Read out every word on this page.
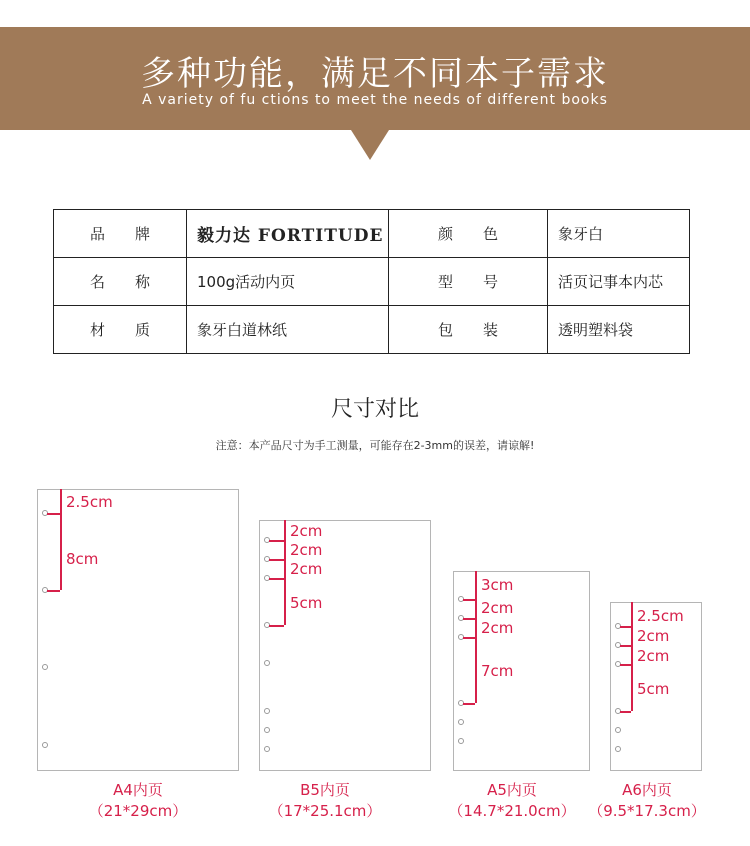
多种功能，满足不同本子需求
A variety of fu ctions to meet the needs of different books
品牌	毅力达 FORTITUDE	颜色	象牙白
名称	100g活动内页	型号	活页记事本内芯
材质	象牙白道林纸	包装	透明塑料袋
尺寸对比
注意：本产品尺寸为手工测量，可能存在2-3mm的误差，请谅解!
2.5cm
8cm
A4内页
（21*29cm）
2cm
2cm
2cm
5cm
B5内页
（17*25.1cm）
3cm
2cm
2cm
7cm
A5内页
（14.7*21.0cm）
2.5cm
2cm
2cm
5cm
A6内页
（9.5*17.3cm）
